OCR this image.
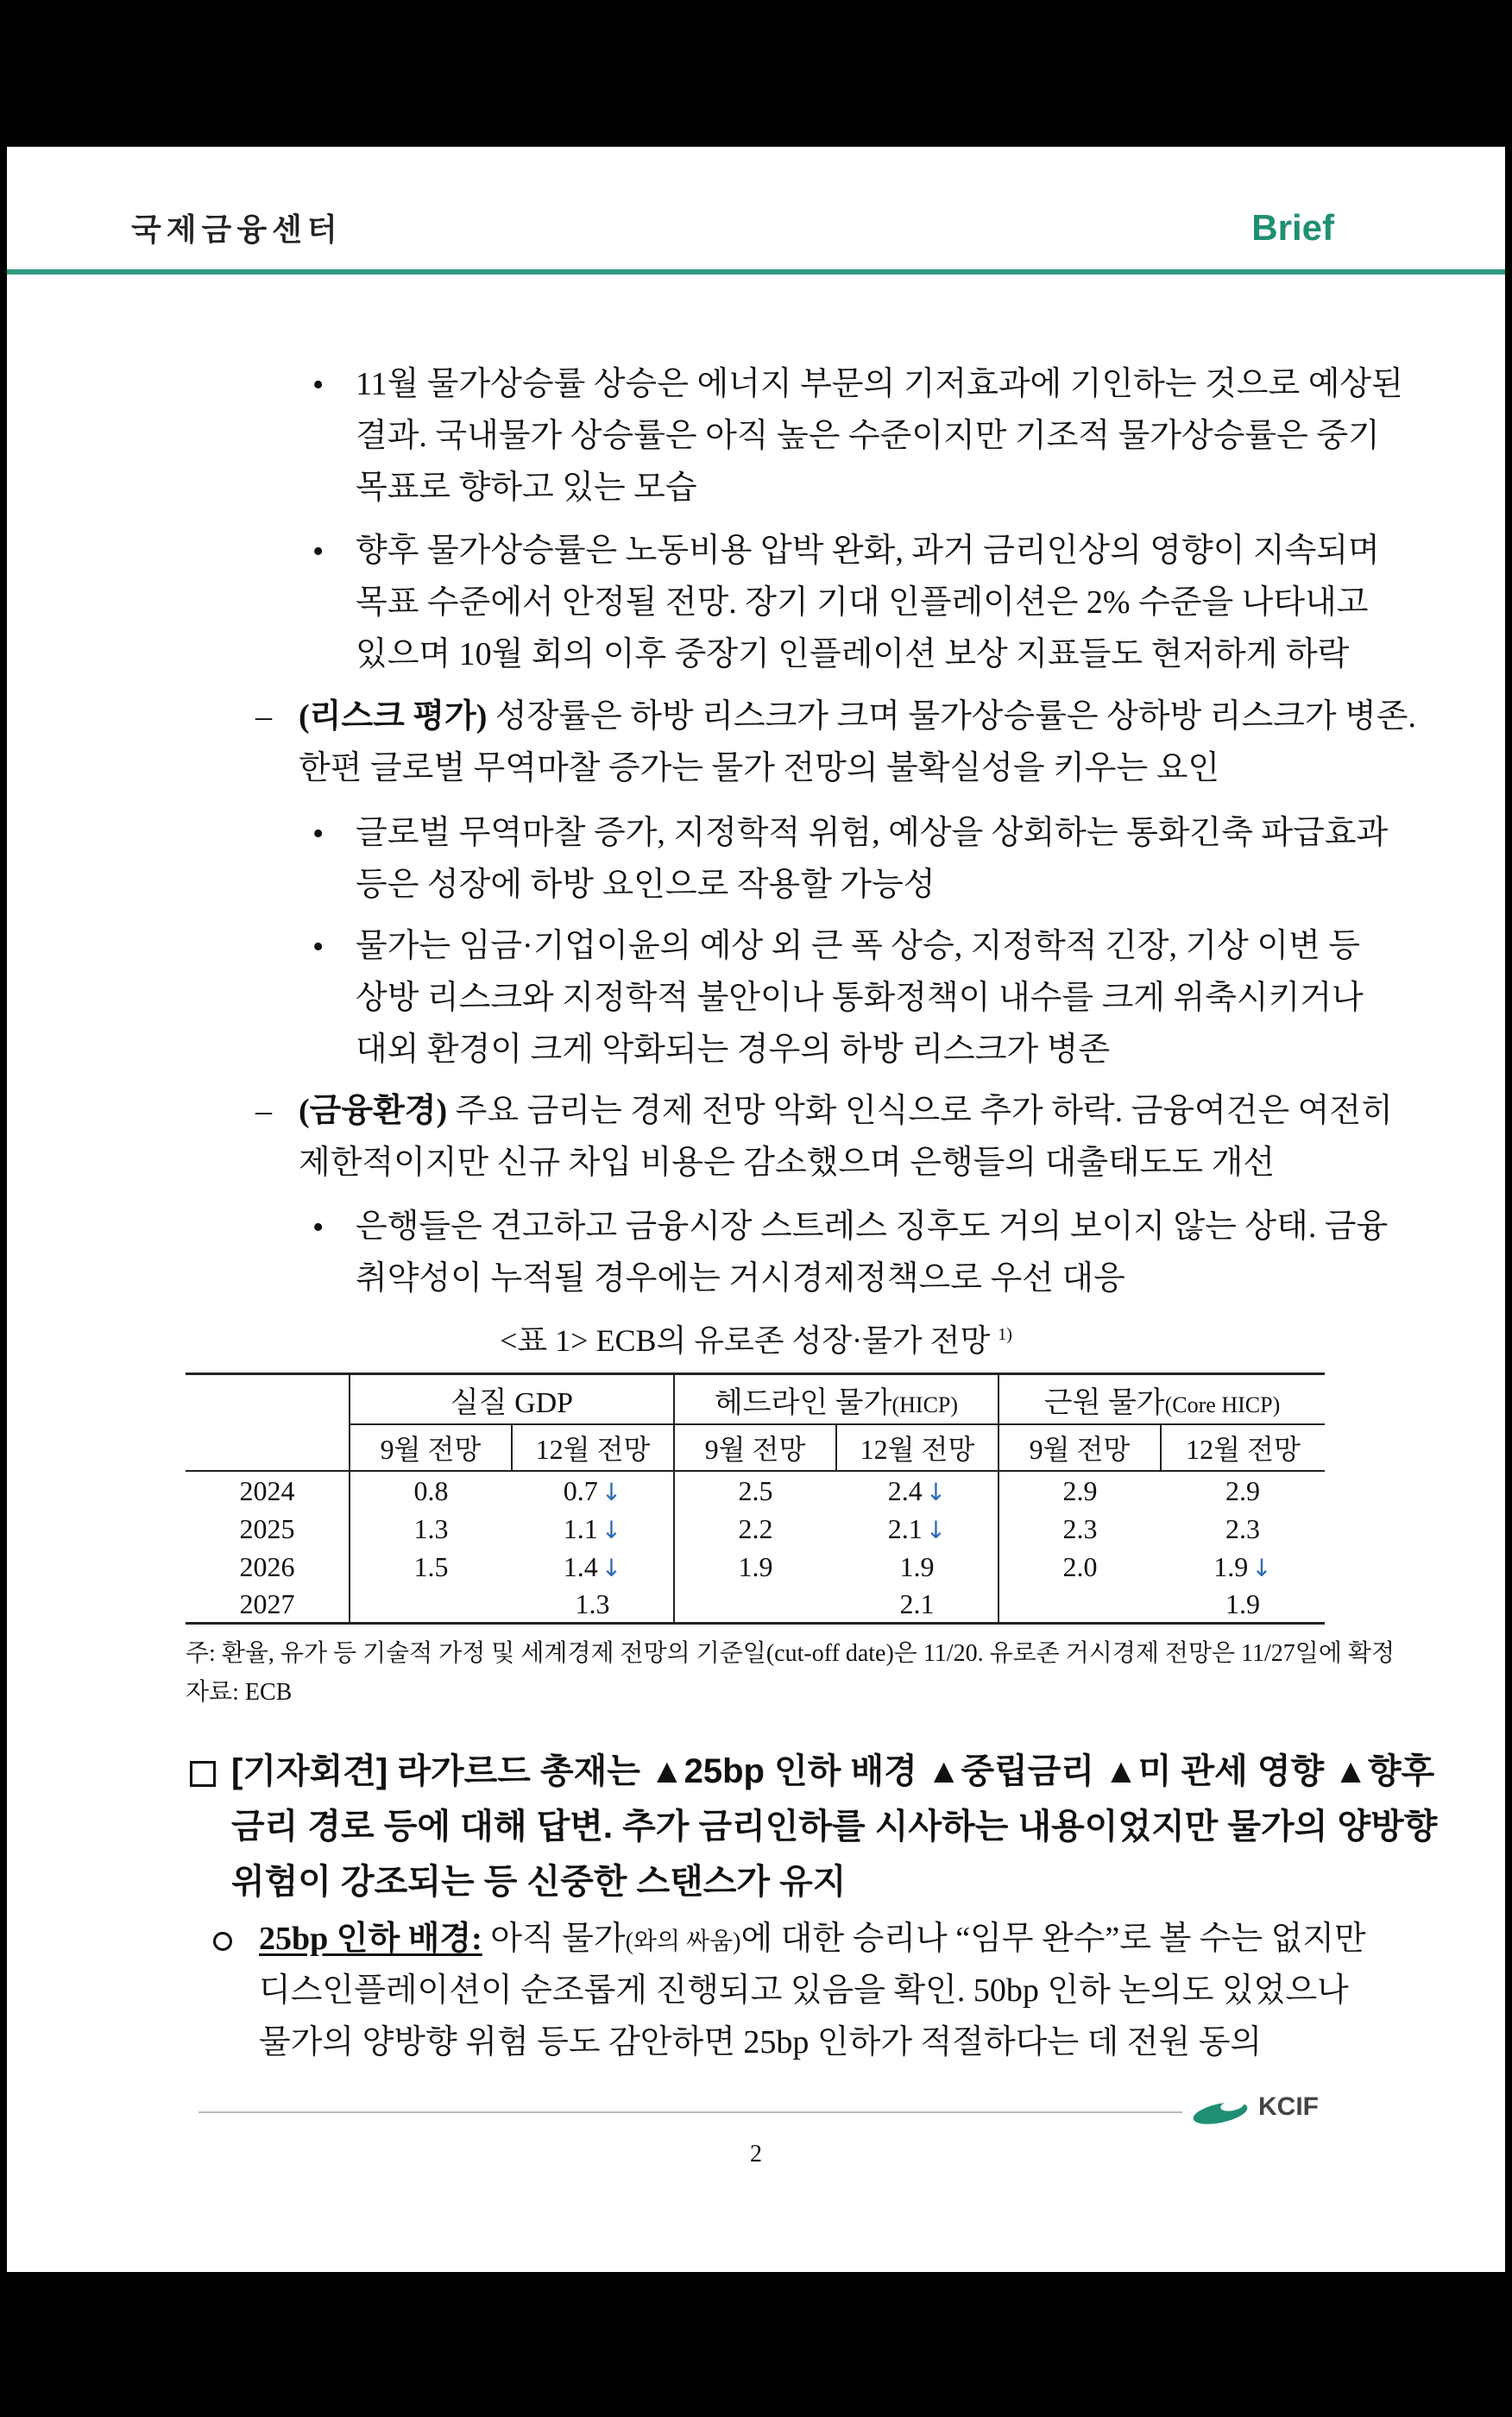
국제금융센터	Brief
• 11월 물가상승률 상승은 에너지 부문의 기저효과에 기인하는 것으로 예상된
결과. 국내물가 상승률은 아직 높은 수준이지만 기조적 물가상승률은 중기
목표로 향하고 있는 모습
• 향후 물가상승률은 노동비용 압박 완화, 과거 금리인상의 영향이 지속되며
목표 수준에서 안정될 전망. 장기 기대 인플레이션은 2% 수준을 나타내고
있으며 10월 회의 이후 중장기 인플레이션 보상 지표들도 현저하게 하락
– (리스크 평가) 성장률은 하방 리스크가 크며 물가상승률은 상하방 리스크가 병존.
한편 글로벌 무역마찰 증가는 물가 전망의 불확실성을 키우는 요인
• 글로벌 무역마찰 증가, 지정학적 위험, 예상을 상회하는 통화긴축 파급효과
등은 성장에 하방 요인으로 작용할 가능성
• 물가는 임금·기업이윤의 예상 외 큰 폭 상승, 지정학적 긴장, 기상 이변 등
상방 리스크와 지정학적 불안이나 통화정책이 내수를 크게 위축시키거나
대외 환경이 크게 악화되는 경우의 하방 리스크가 병존
– (금융환경) 주요 금리는 경제 전망 악화 인식으로 추가 하락. 금융여건은 여전히
제한적이지만 신규 차입 비용은 감소했으며 은행들의 대출태도도 개선
• 은행들은 견고하고 금융시장 스트레스 징후도 거의 보이지 않는 상태. 금융
취약성이 누적될 경우에는 거시경제정책으로 우선 대응
<표 1> ECB의 유로존 성장·물가 전망 $^{1)}$
	실질 GDP		헤드라인 물가(HICP)		근원 물가(Core HICP)	
	9월 전망	12월 전망	9월 전망	12월 전망	9월 전망	12월 전망
2024	0.8	0.7 ↓	2.5	2.4 ↓	2.9	2.9
2025	1.3	1.1 ↓	2.2	2.1 ↓	2.3	2.3
2026	1.5	1.4 ↓	1.9	1.9	2.0	1.9 ↓
2027		1.3		2.1		1.9
주: 환율, 유가 등 기술적 가정 및 세계경제 전망의 기준일(cut-off date)은 11/20. 유로존 거시경제 전망은 11/27일에 확정
자료: ECB
[기자회견] 라가르드 총재는 ▲25bp 인하 배경 ▲중립금리 ▲미 관세 영향 ▲향후
금리 경로 등에 대해 답변. 추가 금리인하를 시사하는 내용이었지만 물가의 양방향
위험이 강조되는 등 신중한 스탠스가 유지
25bp 인하 배경: 아직 물가(와의 싸움)에 대한 승리나 “임무 완수”로 볼 수는 없지만
디스인플레이션이 순조롭게 진행되고 있음을 확인. 50bp 인하 논의도 있었으나
물가의 양방향 위험 등도 감안하면 25bp 인하가 적절하다는 데 전원 동의
KCIF
2
